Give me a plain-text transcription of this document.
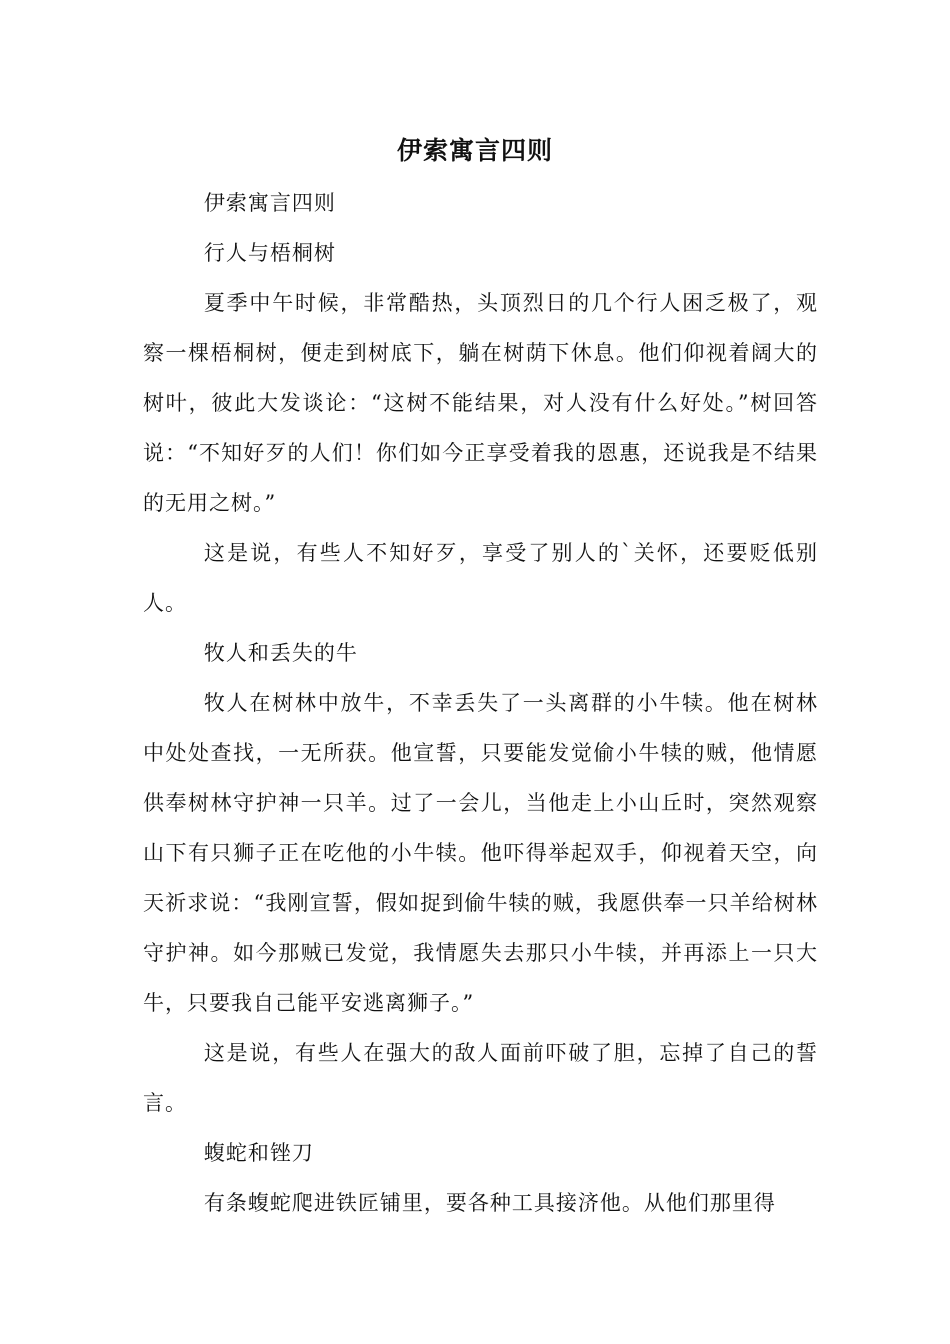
伊索寓言四则

伊索寓言四则

行人与梧桐树

夏季中午时候，非常酷热，头顶烈日的几个行人困乏极了，观察一棵梧桐树，便走到树底下，躺在树荫下休息。他们仰视着阔大的树叶，彼此大发谈论：“这树不能结果，对人没有什么好处。”树回答说：“不知好歹的人们！你们如今正享受着我的恩惠，还说我是不结果的无用之树。”

这是说，有些人不知好歹，享受了别人的`关怀，还要贬低别人。

牧人和丢失的牛

牧人在树林中放牛，不幸丢失了一头离群的小牛犊。他在树林中处处查找，一无所获。他宣誓，只要能发觉偷小牛犊的贼，他情愿供奉树林守护神一只羊。过了一会儿，当他走上小山丘时，突然观察山下有只狮子正在吃他的小牛犊。他吓得举起双手，仰视着天空，向天祈求说：“我刚宣誓，假如捉到偷牛犊的贼，我愿供奉一只羊给树林守护神。如今那贼已发觉，我情愿失去那只小牛犊，并再添上一只大牛，只要我自己能平安逃离狮子。”

这是说，有些人在强大的敌人面前吓破了胆，忘掉了自己的誓言。

蝮蛇和锉刀

有条蝮蛇爬进铁匠铺里，要各种工具接济他。从他们那里得
